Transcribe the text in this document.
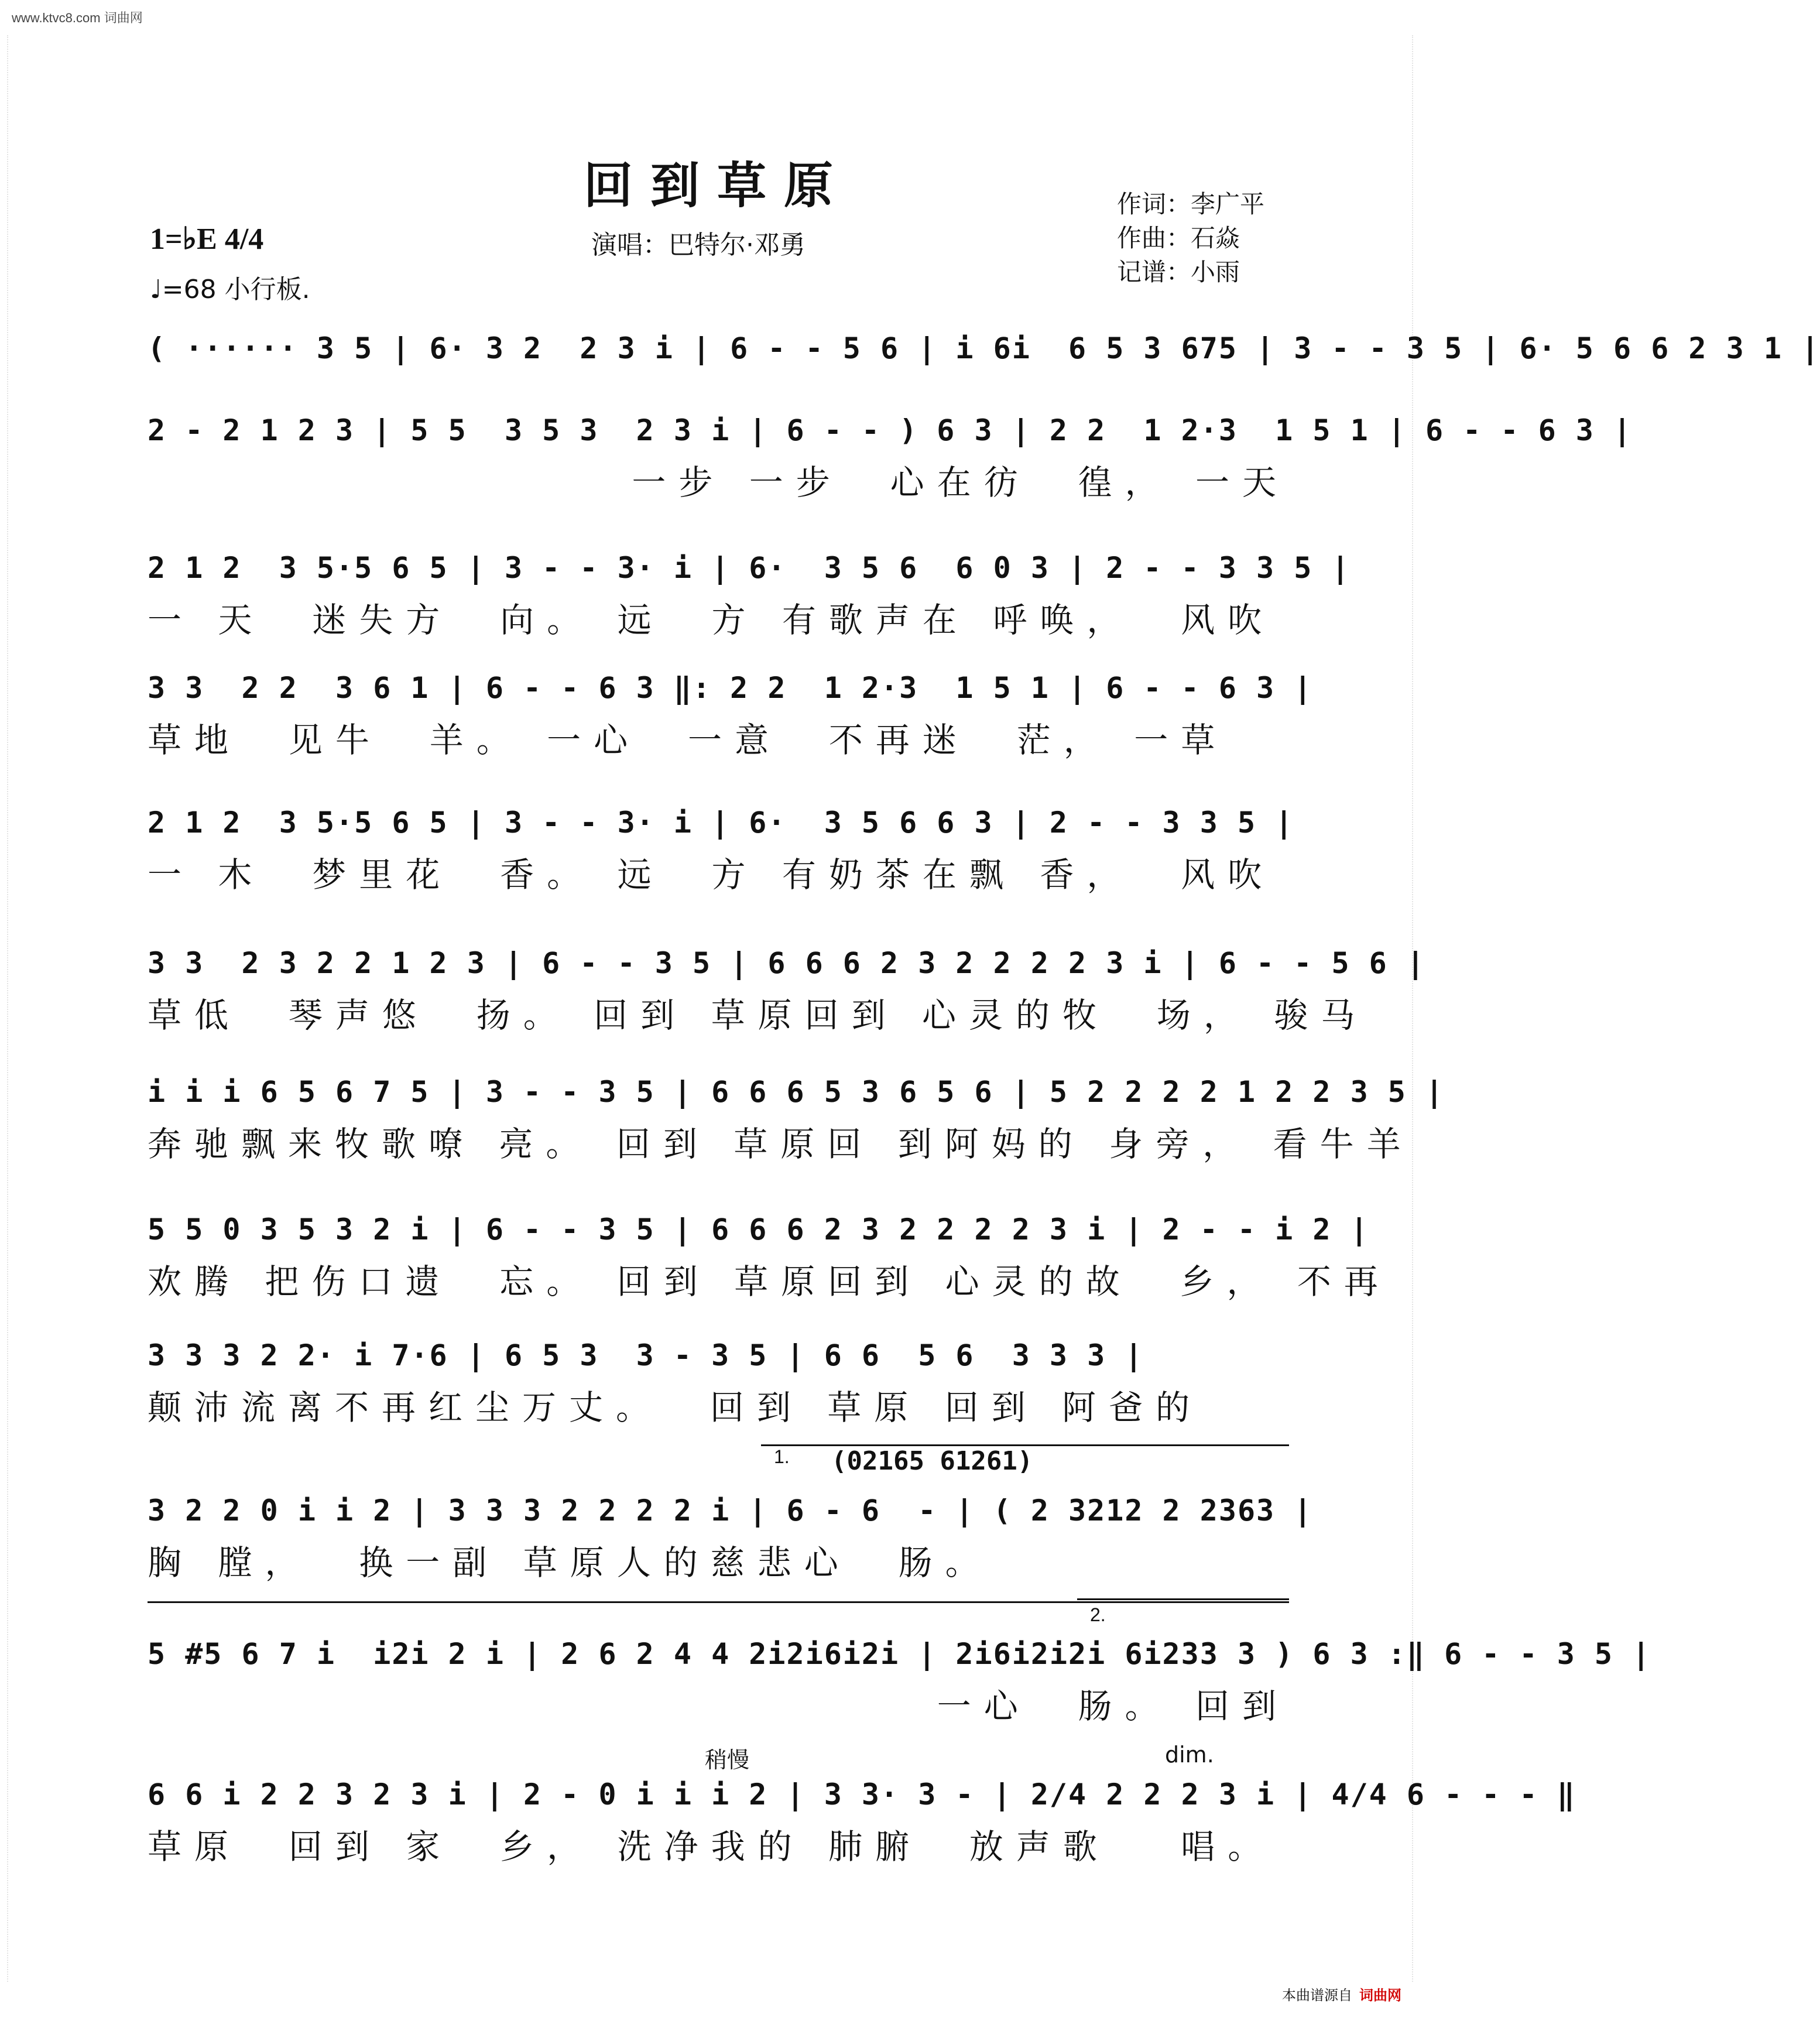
www.ktvc8.com 词曲网
回到草原
1=♭E 4/4
♩=68 小行板.
演唱：巴特尔·邓勇
作词：李广平
作曲：石焱
记谱：小雨
( ······ 3 5 | 6· 3 2  2 3 i | 6 - - 5 6 | i 6i  6 5 3 675 | 3 - - 3 5 | 6· 5 6 6 2 3 1 |
2 - 2 1 2 3 | 5 5  3 5 3  2 3 i | 6 - - ) 6 3 | 2 2  1 2·3  1 5 1 | 6 - - 6 3 |
一步 一步  心在彷  徨， 一天
2 1 2  3 5·5 6 5 | 3 - - 3· i | 6·  3 5 6  6 0 3 | 2 - - 3 3 5 |
一 天  迷失方  向。 远  方 有歌声在 呼唤，  风吹
3 3  2 2  3 6 1 | 6 - - 6 3 ‖: 2 2  1 2·3  1 5 1 | 6 - - 6 3 |
草地  见牛  羊。 一心  一意  不再迷  茫， 一草
2 1 2  3 5·5 6 5 | 3 - - 3· i | 6·  3 5 6 6 3 | 2 - - 3 3 5 |
一 木  梦里花  香。 远  方 有奶茶在飘 香，  风吹
3 3  2 3 2 2 1 2 3 | 6 - - 3 5 | 6 6 6 2 3 2 2 2 2 3 i | 6 - - 5 6 |
草低  琴声悠  扬。 回到 草原回到 心灵的牧  场， 骏马
i i i 6 5 6 7 5 | 3 - - 3 5 | 6 6 6 5 3 6 5 6 | 5 2 2 2 2 1 2 2 3 5 |
奔驰飘来牧歌嘹 亮。 回到 草原回 到阿妈的 身旁， 看牛羊
5 5 0 3 5 3 2 i | 6 - - 3 5 | 6 6 6 2 3 2 2 2 2 3 i | 2 - - i 2 |
欢腾 把伤口遗  忘。 回到 草原回到 心灵的故  乡， 不再
3 3 3 2 2· i 7·6 | 6 5 3  3 - 3 5 | 6 6  5 6  3 3 3 |
颠沛流离不再红尘万丈。  回到 草原 回到 阿爸的
1. (02165 61261)
3 2 2 0 i i 2 | 3 3 3 2 2 2 2 i | 6 - 6  - | ( 2 3212 2 2363 |
胸 膛，  换一副 草原人的慈悲心  肠。
2.
5 #5 6 7 i  i2i 2 i | 2 6 2 4 4 2i2i6i2i | 2i6i2i2i 6i233 3 ) 6 3 :‖ 6 - - 3 5 |
一心  肠。 回到
稍慢	dim.
6 6 i 2 2 3 2 3 i | 2 - 0 i i i 2 | 3 3· 3 - | 2/4 2 2 2 3 i | 4/4 6 - - - ‖
草原  回到 家  乡， 洗净我的 肺腑  放声歌   唱。
本曲谱源自 词曲网
